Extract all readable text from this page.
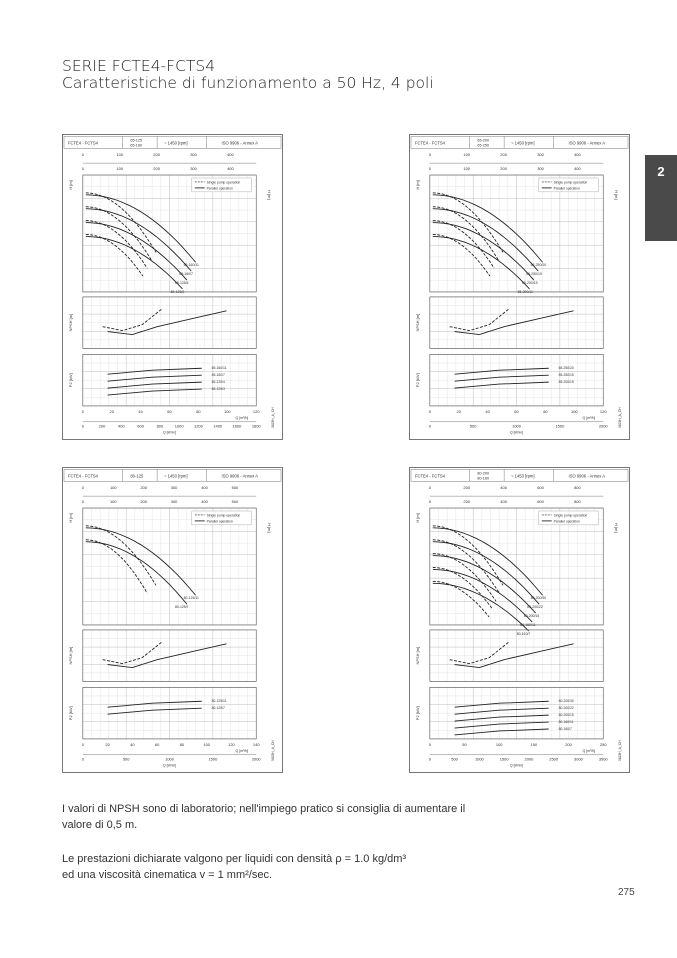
SERIE FCTE4-FCTS4
Caratteristiche di funzionamento a 50 Hz, 4 poli
2
FCTE4 - FCTS4	65-125
65-160	~ 1450 [rpm]	ISO 9906 - Annex A
0	100	200	300	400
0	100	200	300	400
H [m]
H [m]
Single pump operation
Parallel operation
65-160/11
65-160/7
65-125/4
65-125/3
NPSH [m]
P2 [kW]
65-160/11
65-160/7
65-125/4
65-125/3
0	20	40	60	80	100	120
Q [m³/h]
0	200	400	600	800	1000	1200	1400	1600	1800
Q [l/min]
0815H_A_CH
FCTE4 - FCTS4	65-200
65-250	~ 1450 [rpm]	ISO 9906 - Annex A
0	100	200	300	400
0	100	200	300	400
H [m]
H [m]
Single pump operation
Parallel operation
65-250/20
65-250/15
65-200/15
65-200/11
NPSH [m]
P2 [kW]
65-250/20
65-250/15
65-200/15
0	20	40	60	80	100	120
Q [m³/h]
0	500	1000	1500	2000
Q [l/min]
0815H_A_CH
FCTE4 - FCTS4	80-125	~ 1450 [rpm]	ISO 9906 - Annex A
0	100	200	300	400	500
0	100	200	300	400	500
H [m]
H [m]
Single pump operation
Parallel operation
80-125/11
80-125/7
NPSH [m]
P2 [kW]
80-125/11
80-125/7
0	20	40	60	80	100	120	140
Q [m³/h]
0	500	1000	1500	2000
Q [l/min]
0815H_A_CH
FCTE4 - FCTS4	80-200
80-160	~ 1450 [rpm]	ISO 9906 - Annex A
0	200	400	600	800
0	200	400	600	800
H [m]
H [m]
Single pump operation
Parallel operation
80-200/30
80-200/22
80-200/15
80-160/11
80-160/7
NPSH [m]
P2 [kW]
80-200/30
80-200/22
80-200/15
80-160/11
80-160/7
0	50	100	150	200	250
Q [m³/h]
0	500	1000	1500	2000	2500	3000	3500
Q [l/min]
0815H_A_CH
I valori di NPSH sono di laboratorio; nell'impiego pratico si consiglia di aumentare il
valore di 0,5 m.
Le prestazioni dichiarate valgono per liquidi con densità ρ = 1.0 kg/dm³
ed una viscosità cinematica v = 1 mm²/sec.
275
